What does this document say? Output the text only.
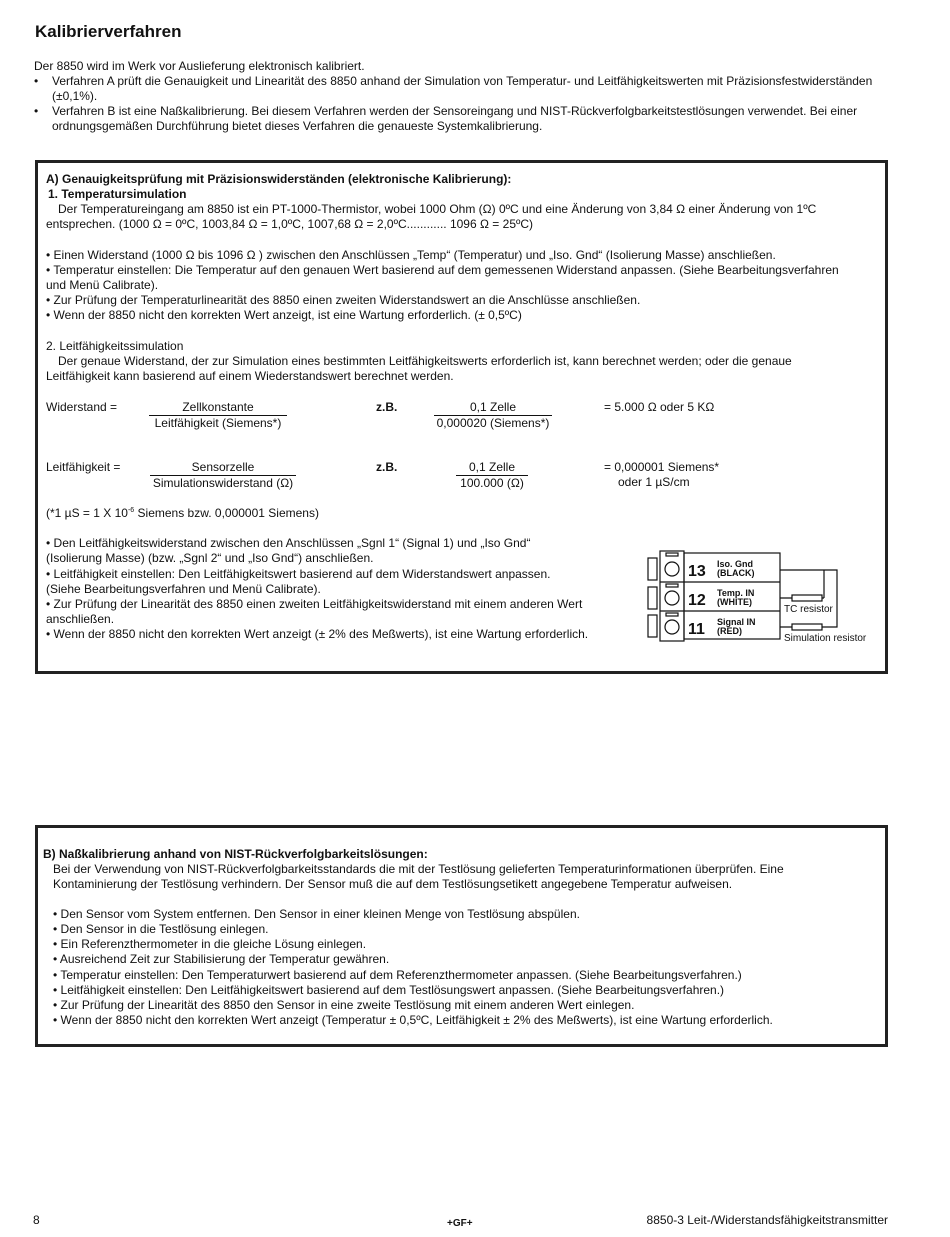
Kalibrierverfahren

Der 8850 wird im Werk vor Auslieferung elektronisch kalibriert.

•	Verfahren A prüft die Genauigkeit und Linearität des 8850 anhand der Simulation von Temperatur- und Leitfähigkeitswerten mit Präzisionsfestwiderständen (±0,1%).
•	Verfahren B ist eine Naßkalibrierung. Bei diesem Verfahren werden der Sensoreingang und NIST-Rückverfolgbarkeitstestlösungen verwendet. Bei einer ordnungsgemäßen Durchführung bietet dieses Verfahren die genaueste Systemkalibrierung.

A) Genauigkeitsprüfung mit Präzisionswiderständen (elektronische Kalibrierung):

1. Temperatursimulation

Der Temperatureingang am 8850 ist ein PT-1000-Thermistor, wobei 1000 Ohm (Ω) 0ºC und eine Änderung von 3,84 Ω einer Änderung von 1ºC

entsprechen. (1000 Ω = 0ºC, 1003,84 Ω = 1,0ºC, 1007,68 Ω = 2,0ºC............ 1096 Ω = 25ºC)

• Einen Widerstand (1000 Ω bis 1096 Ω ) zwischen den Anschlüssen „Temp“ (Temperatur) und „Iso. Gnd“ (Isolierung Masse) anschließen.

• Temperatur einstellen: Die Temperatur auf den genauen Wert basierend auf dem gemessenen Widerstand anpassen. (Siehe Bearbeitungsverfahren

und Menü Calibrate).

• Zur Prüfung der Temperaturlinearität des 8850 einen zweiten Widerstandswert an die Anschlüsse anschließen.

• Wenn der 8850 nicht den korrekten Wert anzeigt, ist eine Wartung erforderlich. (± 0,5ºC)

2. Leitfähigkeitssimulation

Der genaue Widerstand, der zur Simulation eines bestimmten Leitfähigkeitswerts erforderlich ist, kann berechnet werden; oder die genaue

Leitfähigkeit kann basierend auf einem Wiederstandswert berechnet werden.

Widerstand =	Zellkonstante
Leitfähigkeit (Siemens*)

z.B.	0,1 Zelle
0,000020 (Siemens*)

= 5.000 Ω oder 5 KΩ

Leitfähigkeit =	Sensorzelle
Simulationswiderstand (Ω)

z.B.	0,1 Zelle
100.000 (Ω)

= 0,000001 Siemens*

oder 1 µS/cm

(*1 µS = 1 X $10^{-6}$ Siemens bzw. 0,000001 Siemens)

• Den Leitfähigkeitswiderstand zwischen den Anschlüssen „Sgnl 1“ (Signal 1) und „Iso Gnd“

(Isolierung Masse) (bzw. „Sgnl 2“ und „Iso Gnd“) anschließen.

• Leitfähigkeit einstellen: Den Leitfähigkeitswert basierend auf dem Widerstandswert anpassen.

(Siehe Bearbeitungsverfahren und Menü Calibrate).

• Zur Prüfung der Linearität des 8850 einen zweiten Leitfähigkeitswiderstand mit einem anderen Wert

anschließen.

• Wenn der 8850 nicht den korrekten Wert anzeigt (± 2% des Meßwerts), ist eine Wartung erforderlich.

13 Iso. Gnd
(BLACK)
12 Temp. IN
(WHITE)
11 Signal IN
(RED)
TC resistor
Simulation resistor

B) Naßkalibrierung anhand von NIST-Rückverfolgbarkeitslösungen:

Bei der Verwendung von NIST-Rückverfolgbarkeitsstandards die mit der Testlösung gelieferten Temperaturinformationen überprüfen. Eine

Kontaminierung der Testlösung verhindern. Der Sensor muß die auf dem Testlösungsetikett angegebene Temperatur aufweisen.

• Den Sensor vom System entfernen. Den Sensor in einer kleinen Menge von Testlösung abspülen.

• Den Sensor in die Testlösung einlegen.

• Ein Referenzthermometer in die gleiche Lösung einlegen.

• Ausreichend Zeit zur Stabilisierung der Temperatur gewähren.

• Temperatur einstellen: Den Temperaturwert basierend auf dem Referenzthermometer anpassen. (Siehe Bearbeitungsverfahren.)

• Leitfähigkeit einstellen: Den Leitfähigkeitswert basierend auf dem Testlösungswert anpassen. (Siehe Bearbeitungsverfahren.)

• Zur Prüfung der Linearität des 8850 den Sensor in eine zweite Testlösung mit einem anderen Wert einlegen.

• Wenn der 8850 nicht den korrekten Wert anzeigt (Temperatur ± 0,5ºC, Leitfähigkeit ± 2% des Meßwerts), ist eine Wartung erforderlich.

8	+GF+	8850-3 Leit-/Widerstandsfähigkeitstransmitter
